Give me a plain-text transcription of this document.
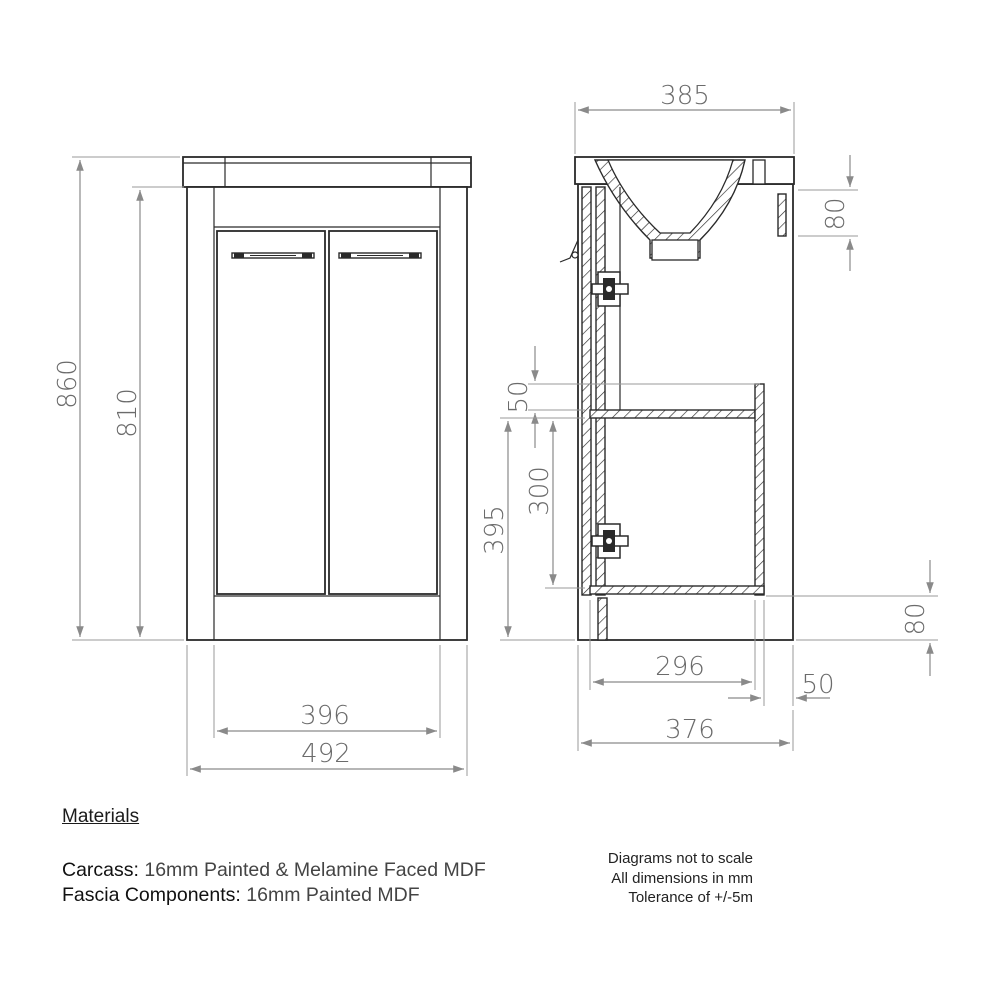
860
810
396
492
385
80
50
300
395
80
296
50
376
Materials
Carcass: 16mm Painted & Melamine Faced MDF
Fascia Components: 16mm Painted MDF
Diagrams not to scale
All dimensions in mm
Tolerance of +/-5m
